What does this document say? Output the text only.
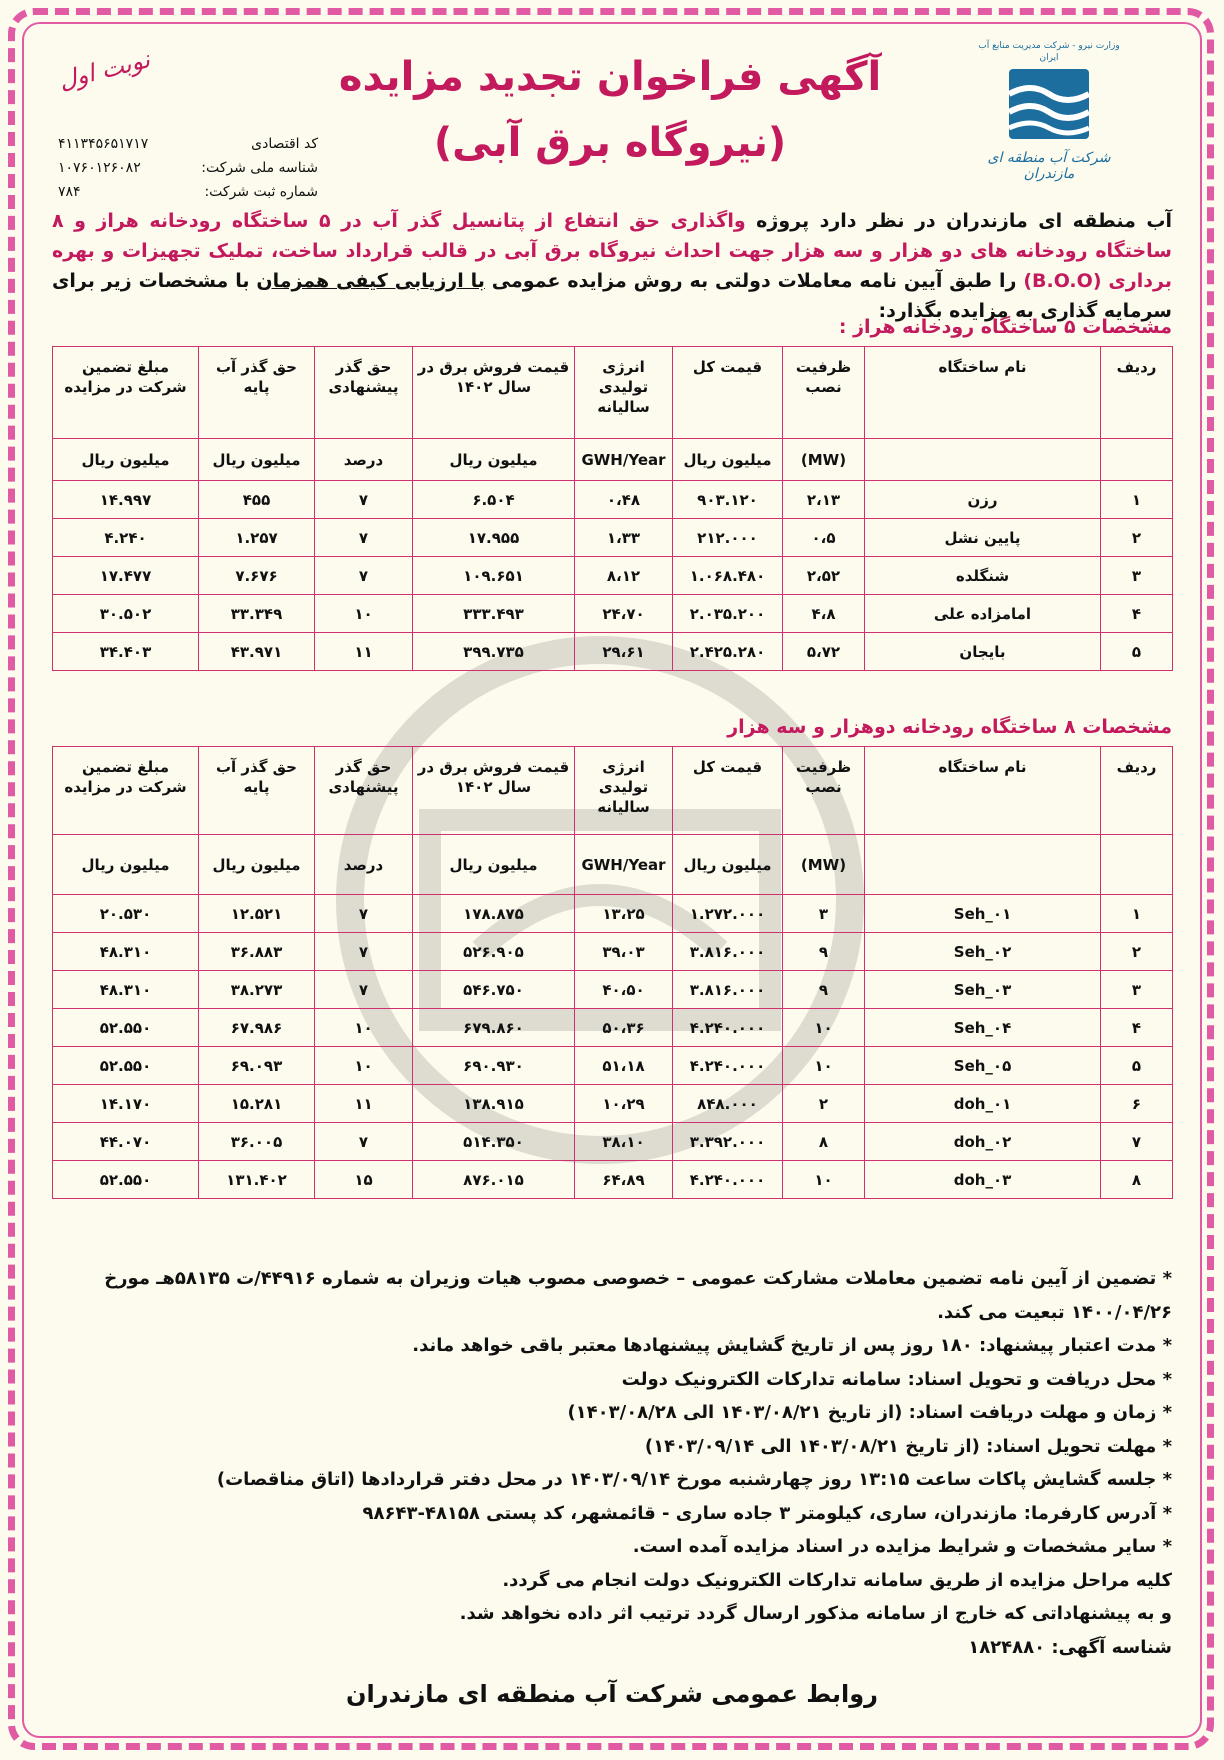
نوبت اول	آگهی فراخوان تجدید مزایده
(نیروگاه برق آبی)
وزارت نیرو - شرکت مدیریت منابع آب ایران
شرکت آب منطقه ای مازندران
کد اقتصادی
۴۱۱۳۴۵۶۵۱۷۱۷
شناسه ملی شرکت:
۱۰۷۶۰۱۲۶۰۸۲
شماره ثبت شرکت:
۷۸۴
آب منطقه ای مازندران در نظر دارد پروژه واگذاری حق انتفاع از پتانسیل گذر آب در ۵ ساختگاه رودخانه هراز و ۸ ساختگاه رودخانه های دو هزار و سه هزار جهت احداث نیروگاه برق آبی در قالب قرارداد ساخت، تملیک تجهیزات و بهره برداری (B.O.O) را طبق آیین نامه معاملات دولتی به روش مزایده عمومی با ارزیابی کیفی همزمان با مشخصات زیر برای سرمایه گذاری به مزایده بگذارد:
مشخصات ۵ ساختگاه رودخانه هراز :
ردیف	نام ساختگاه	ظرفیت نصب	قیمت کل	انرژی تولیدی سالیانه	قیمت فروش برق در سال ۱۴۰۲	حق گذر پیشنهادی	حق گذر آب پایه	مبلغ تضمین شرکت در مزایده
		(MW)	میلیون ریال	GWH/Year	میلیون ریال	درصد	میلیون ریال	میلیون ریال
۱	رزن	۲،۱۳	۹۰۳.۱۲۰	۰،۴۸	۶.۵۰۴	۷	۴۵۵	۱۴.۹۹۷
۲	پایین نشل	۰،۵	۲۱۲.۰۰۰	۱،۳۳	۱۷.۹۵۵	۷	۱.۲۵۷	۴.۲۴۰
۳	شنگلده	۲،۵۲	۱.۰۶۸.۴۸۰	۸،۱۲	۱۰۹.۶۵۱	۷	۷.۶۷۶	۱۷.۴۷۷
۴	امامزاده علی	۴،۸	۲.۰۳۵.۲۰۰	۲۴،۷۰	۳۳۳.۴۹۳	۱۰	۳۳.۳۴۹	۳۰.۵۰۲
۵	بایجان	۵،۷۲	۲.۴۲۵.۲۸۰	۲۹،۶۱	۳۹۹.۷۳۵	۱۱	۴۳.۹۷۱	۳۴.۴۰۳
مشخصات ۸ ساختگاه رودخانه دوهزار و سه هزار
ردیف	نام ساختگاه	ظرفیت نصب	قیمت کل	انرژی تولیدی سالیانه	قیمت فروش برق در سال ۱۴۰۲	حق گذر پیشنهادی	حق گذر آب پایه	مبلغ تضمین شرکت در مزایده
		(MW)	میلیون ریال	GWH/Year	میلیون ریال	درصد	میلیون ریال	میلیون ریال
۱	Seh_۰۱	۳	۱.۲۷۲.۰۰۰	۱۳،۲۵	۱۷۸.۸۷۵	۷	۱۲.۵۲۱	۲۰.۵۳۰
۲	Seh_۰۲	۹	۳.۸۱۶.۰۰۰	۳۹،۰۳	۵۲۶.۹۰۵	۷	۳۶.۸۸۳	۴۸.۳۱۰
۳	Seh_۰۳	۹	۳.۸۱۶.۰۰۰	۴۰،۵۰	۵۴۶.۷۵۰	۷	۳۸.۲۷۳	۴۸.۳۱۰
۴	Seh_۰۴	۱۰	۴.۲۴۰.۰۰۰	۵۰،۳۶	۶۷۹.۸۶۰	۱۰	۶۷.۹۸۶	۵۲.۵۵۰
۵	Seh_۰۵	۱۰	۴.۲۴۰.۰۰۰	۵۱،۱۸	۶۹۰.۹۳۰	۱۰	۶۹.۰۹۳	۵۲.۵۵۰
۶	doh_۰۱	۲	۸۴۸.۰۰۰	۱۰،۲۹	۱۳۸.۹۱۵	۱۱	۱۵.۲۸۱	۱۴.۱۷۰
۷	doh_۰۲	۸	۳.۳۹۲.۰۰۰	۳۸،۱۰	۵۱۴.۳۵۰	۷	۳۶.۰۰۵	۴۴.۰۷۰
۸	doh_۰۳	۱۰	۴.۲۴۰.۰۰۰	۶۴،۸۹	۸۷۶.۰۱۵	۱۵	۱۳۱.۴۰۲	۵۲.۵۵۰

* تضمین از آیین نامه تضمین معاملات مشارکت عمومی – خصوصی مصوب هیات وزیران به شماره ۴۴۹۱۶/ت ۵۸۱۳۵هـ مورخ ۱۴۰۰/۰۴/۲۶ تبعیت می کند.

* مدت اعتبار پیشنهاد: ۱۸۰ روز پس از تاریخ گشایش پیشنهادها معتبر باقی خواهد ماند.

* محل دریافت و تحویل اسناد: سامانه تدارکات الکترونیک دولت

* زمان و مهلت دریافت اسناد: (از تاریخ ۱۴۰۳/۰۸/۲۱ الی ۱۴۰۳/۰۸/۲۸)

* مهلت تحویل اسناد: (از تاریخ ۱۴۰۳/۰۸/۲۱ الی ۱۴۰۳/۰۹/۱۴)

* جلسه گشایش پاکات ساعت ۱۳:۱۵ روز چهارشنبه مورخ ۱۴۰۳/۰۹/۱۴ در محل دفتر قراردادها (اتاق مناقصات)

* آدرس کارفرما: مازندران، ساری، کیلومتر ۳ جاده ساری - قائمشهر، کد پستی ۴۸۱۵۸-۹۸۶۴۳

* سایر مشخصات و شرایط مزایده در اسناد مزایده آمده است.

کلیه مراحل مزایده از طریق سامانه تدارکات الکترونیک دولت انجام می گردد.

و به پیشنهاداتی که خارج از سامانه مذکور ارسال گردد ترتیب اثر داده نخواهد شد.

شناسه آگهی: ۱۸۲۴۸۸۰

روابط عمومی شرکت آب منطقه ای مازندران
